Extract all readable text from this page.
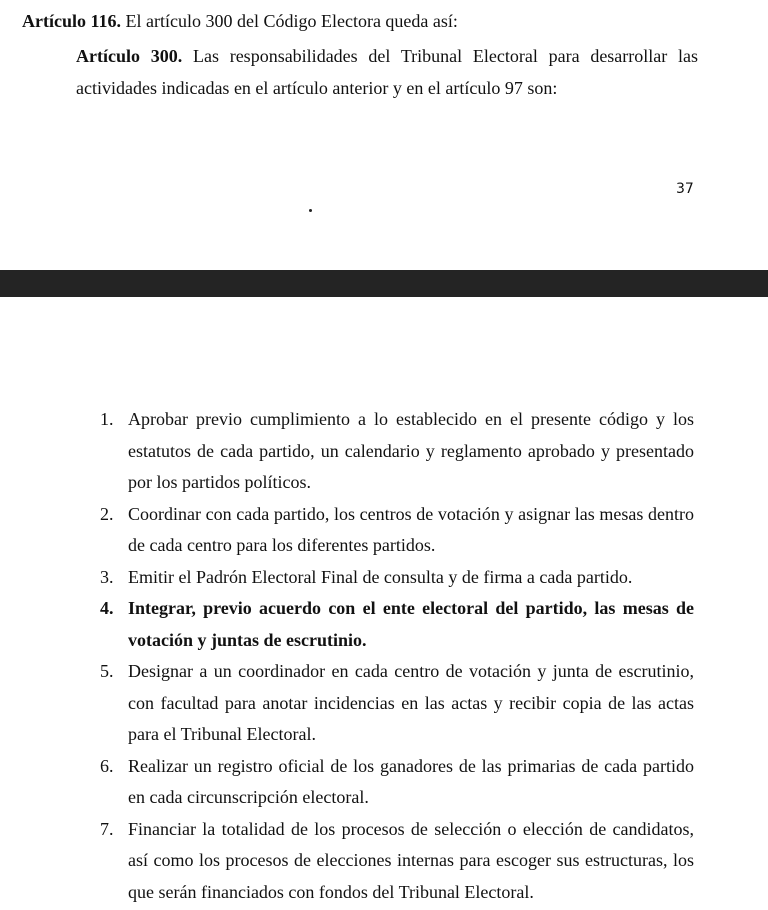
Artículo 116. El artículo 300 del Código Electora queda así:
Artículo 300. Las responsabilidades del Tribunal Electoral para desarrollar las actividades indicadas en el artículo anterior y en el artículo 97 son:
37
1. Aprobar previo cumplimiento a lo establecido en el presente código y los estatutos de cada partido, un calendario y reglamento aprobado y presentado por los partidos políticos.
2. Coordinar con cada partido, los centros de votación y asignar las mesas dentro de cada centro para los diferentes partidos.
3. Emitir el Padrón Electoral Final de consulta y de firma a cada partido.
4. Integrar, previo acuerdo con el ente electoral del partido, las mesas de votación y juntas de escrutinio.
5. Designar a un coordinador en cada centro de votación y junta de escrutinio, con facultad para anotar incidencias en las actas y recibir copia de las actas para el Tribunal Electoral.
6. Realizar un registro oficial de los ganadores de las primarias de cada partido en cada circunscripción electoral.
7. Financiar la totalidad de los procesos de selección o elección de candidatos, así como los procesos de elecciones internas para escoger sus estructuras, los que serán financiados con fondos del Tribunal Electoral.
